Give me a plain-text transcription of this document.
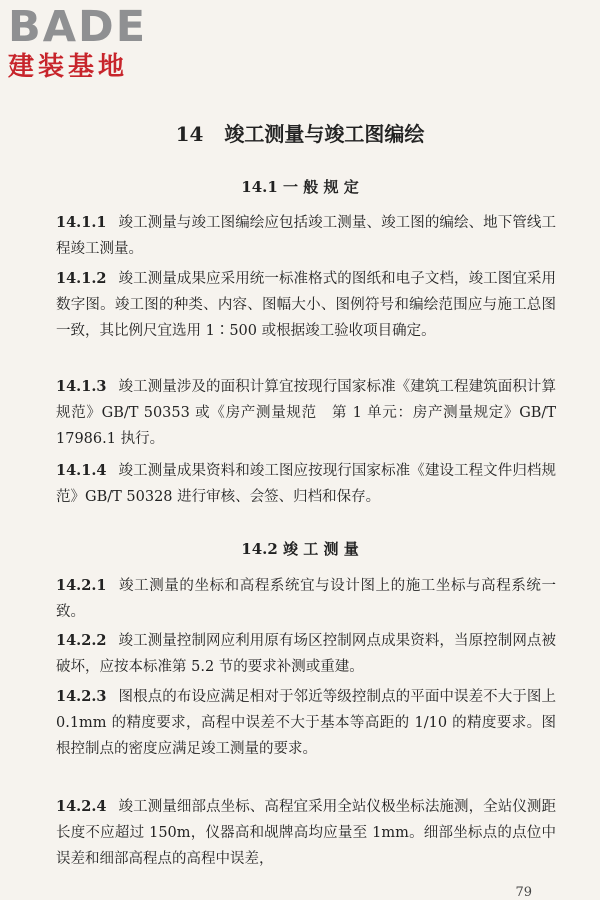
BADE
建装基地
14 竣工测量与竣工图编绘
14.1 一 般 规 定

14.1.1 竣工测量与竣工图编绘应包括竣工测量、竣工图的编绘、地下管线工程竣工测量。

14.1.2 竣工测量成果应采用统一标准格式的图纸和电子文档，竣工图宜采用数字图。竣工图的种类、内容、图幅大小、图例符号和编绘范围应与施工总图一致，其比例尺宜选用 1∶500 或根据竣工验收项目确定。

14.1.3 竣工测量涉及的面积计算宜按现行国家标准《建筑工程建筑面积计算规范》GB/T 50353 或《房产测量规范　第 1 单元：房产测量规定》GB/T 17986.1 执行。

14.1.4 竣工测量成果资料和竣工图应按现行国家标准《建设工程文件归档规范》GB/T 50328 进行审核、会签、归档和保存。

14.2 竣 工 测 量

14.2.1 竣工测量的坐标和高程系统宜与设计图上的施工坐标与高程系统一致。

14.2.2 竣工测量控制网应利用原有场区控制网点成果资料，当原控制网点被破坏，应按本标准第 5.2 节的要求补测或重建。

14.2.3 图根点的布设应满足相对于邻近等级控制点的平面中误差不大于图上 0.1mm 的精度要求，高程中误差不大于基本等高距的 1/10 的精度要求。图根控制点的密度应满足竣工测量的要求。

14.2.4 竣工测量细部点坐标、高程宜采用全站仪极坐标法施测，全站仪测距长度不应超过 150m，仪器高和觇牌高均应量至 1mm。细部坐标点的点位中误差和细部高程点的高程中误差，

79
